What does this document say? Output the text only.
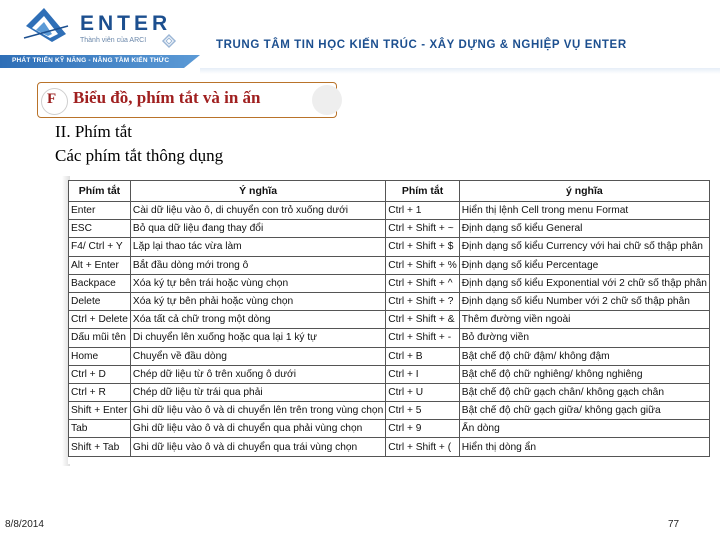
ENTER
Thành viên của ARCI
PHÁT TRIỂN KỸ NĂNG - NÂNG TẦM KIẾN THỨC
TRUNG TÂM TIN HỌC KIẾN TRÚC - XÂY DỰNG & NGHIỆP VỤ ENTER
F Biểu đồ, phím tắt và in ấn
II. Phím tắt
Các phím tắt thông dụng
Phím tắt	Ý nghĩa	Phím tắt	ý nghĩa
Enter	Cài dữ liệu vào ô, di chuyển con trỏ xuống dưới	Ctrl + 1	Hiển thị lệnh Cell trong menu Format
ESC	Bỏ qua dữ liệu đang thay đổi	Ctrl + Shift + ~	Định dạng số kiểu General
F4/ Ctrl + Y	Lặp lại thao tác vừa làm	Ctrl + Shift + $	Định dạng số kiểu Currency với hai chữ số thập phân
Alt + Enter	Bắt đầu dòng mới trong ô	Ctrl + Shift + %	Định dạng số kiểu Percentage
Backpace	Xóa ký tự bên trái hoặc vùng chọn	Ctrl + Shift + ^	Định dạng số kiểu Exponential với 2 chữ số thập phân
Delete	Xóa ký tự bên phải hoặc vùng chọn	Ctrl + Shift + ?	Định dạng số kiểu Number với 2 chữ số thập phân
Ctrl + Delete	Xóa tất cả chữ trong một dòng	Ctrl + Shift + &	Thêm đường viền ngoài
Dấu mũi tên	Di chuyển lên xuống hoặc qua lại 1 ký tự	Ctrl + Shift + -	Bỏ đường viền
Home	Chuyển về đầu dòng	Ctrl + B	Bật chế độ chữ đậm/ không đậm
Ctrl + D	Chép dữ liệu từ ô trên xuống ô dưới	Ctrl + I	Bật chế độ chữ nghiêng/ không nghiêng
Ctrl + R	Chép dữ liệu từ trái qua phải	Ctrl + U	Bật chế độ chữ gạch chân/ không gạch chân
Shift + Enter	Ghi dữ liệu vào ô và di chuyển lên trên trong vùng chọn	Ctrl + 5	Bật chế độ chữ gạch giữa/ không gạch giữa
Tab	Ghi dữ liệu vào ô và di chuyển qua phải vùng chọn	Ctrl + 9	Ẩn dòng
Shift + Tab	Ghi dữ liệu vào ô và di chuyển qua trái vùng chọn	Ctrl + Shift + (	Hiển thị dòng ẩn
8/8/2014	77
